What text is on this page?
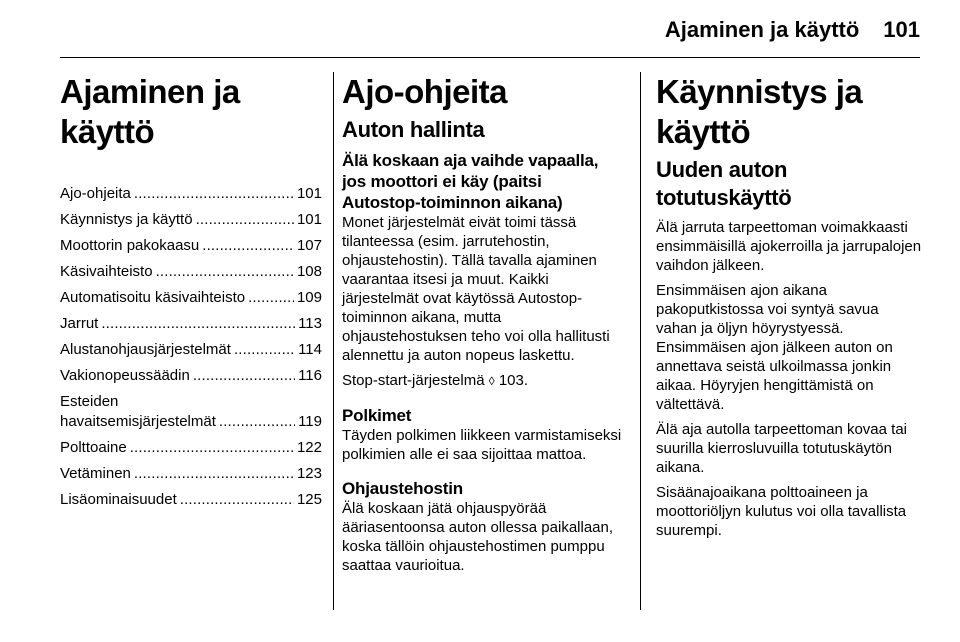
Ajaminen ja käyttö 101
Ajaminen ja käyttö
Ajo-ohjeita . . .	101
Käynnistys ja käyttö . . .	101
Moottorin pakokaasu . . .	107
Käsivaihteisto . . .	108
Automatisoitu käsivaihteisto . . .	109
Jarrut . . .	113
Alustanohjausjärjestelmät . . .	114
Vakionopeussäädin . . .	116
Esteiden
havaitsemisjärjestelmät . . .	119
Polttoaine . . .	122
Vetäminen . . .	123
Lisäominaisuudet . . .	125
Ajo-ohjeita
Auton hallinta
Älä koskaan aja vaihde vapaalla, jos moottori ei käy (paitsi Autostop-toiminnon aikana)

Monet järjestelmät eivät toimi tässä tilanteessa (esim. jarrutehostin, ohjaustehostin). Tällä tavalla ajaminen vaarantaa itsesi ja muut. Kaikki järjestelmät ovat käytössä Autostop-toiminnon aikana, mutta ohjaustehostuksen teho voi olla hallitusti alennettu ja auton nopeus laskettu.

Stop-start-järjestelmä ◊ 103.

Polkimet

Täyden polkimen liikkeen varmistamiseksi polkimien alle ei saa sijoittaa mattoa.

Ohjaustehostin

Älä koskaan jätä ohjauspyörää ääriasentoonsa auton ollessa paikallaan, koska tällöin ohjaustehostimen pumppu saattaa vaurioitua.

Käynnistys ja käyttö
Uuden auton totutuskäyttö

Älä jarruta tarpeettoman voimakkaasti ensimmäisillä ajokerroilla ja jarrupalojen vaihdon jälkeen.

Ensimmäisen ajon aikana pakoputkistossa voi syntyä savua vahan ja öljyn höyrystyessä. Ensimmäisen ajon jälkeen auton on annettava seistä ulkoilmassa jonkin aikaa. Höyryjen hengittämistä on vältettävä.

Älä aja autolla tarpeettoman kovaa tai suurilla kierrosluvuilla totutuskäytön aikana.

Sisäänajoaikana polttoaineen ja moottoriöljyn kulutus voi olla tavallista suurempi.
